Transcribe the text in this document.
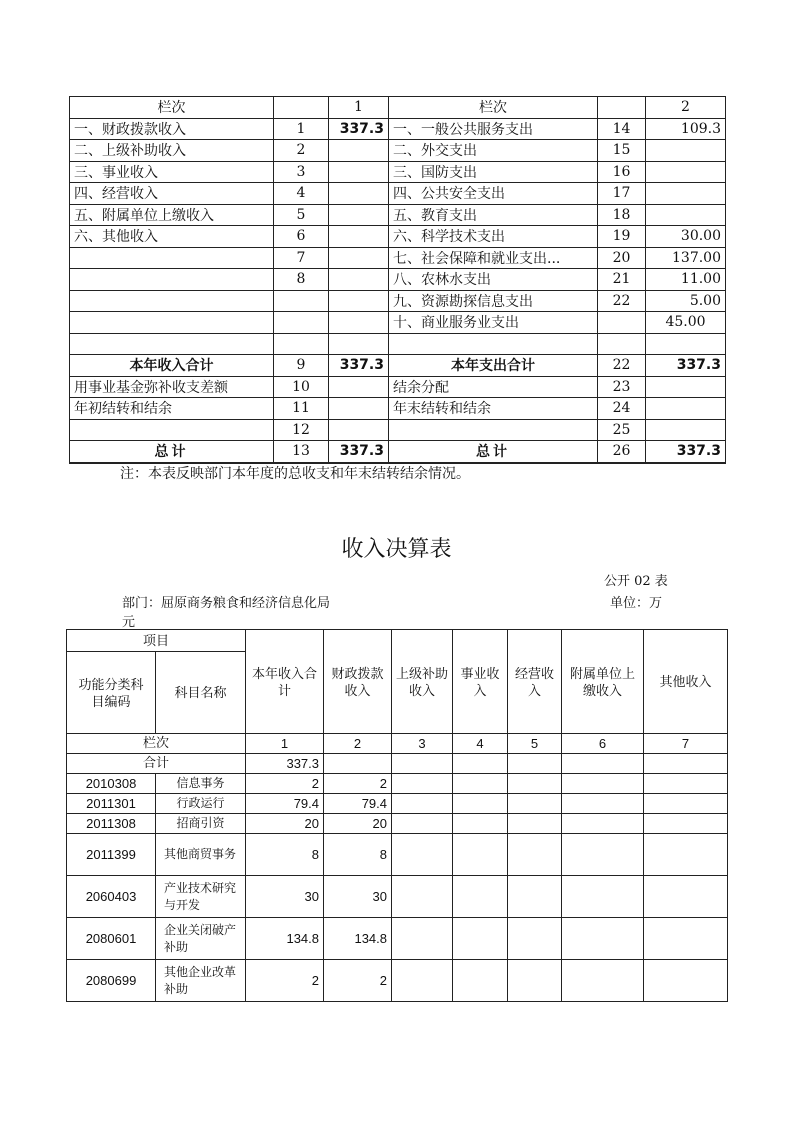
栏次		1	栏次		2
一、财政拨款收入	1	337.3	一、一般公共服务支出	14	109.3
二、上级补助收入	2		二、外交支出	15	
三、事业收入	3		三、国防支出	16	
四、经营收入	4		四、公共安全支出	17	
五、附属单位上缴收入	5		五、教育支出	18	
六、其他收入	6		六、科学技术支出	19	30.00
	7		七、社会保障和就业支出...	20	137.00
	8		八、农林水支出	21	11.00
			九、资源勘探信息支出	22	5.00
			十、商业服务业支出		45.00

本年收入合计	9	337.3	本年支出合计	22	337.3
用事业基金弥补收支差额	10		结余分配	23	
年初结转和结余	11		年末结转和结余	24	
	12			25	
总计	13	337.3	总计	26	337.3
注：本表反映部门本年度的总收支和年末结转结余情况。
收入决算表
公开 02 表
部门：屈原商务粮食和经济信息化局	单位：万
元
项目		本年收入合计	财政拨款收入	上级补助收入	事业收入	经营收入	附属单位上缴收入	其他收入
功能分类科目编码	科目名称							
栏次		1	2	3	4	5	6	7
合计		337.3						
2010308	信息事务	2	2					
2011301	行政运行	79.4	79.4					
2011308	招商引资	20	20					
2011399	其他商贸事务	8	8					
2060403	产业技术研究与开发	30	30					
2080601	企业关闭破产补助	134.8	134.8					
2080699	其他企业改革补助	2	2					
